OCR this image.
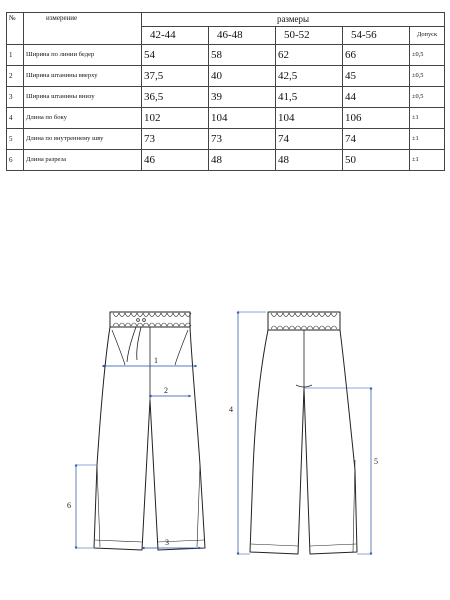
№	измерение	размеры				
		42-44	46-48	50-52	54-56	Допуск
1	Ширина по линии бедер	54	58	62	66	±0,5
2	Ширина штанины вверху	37,5	40	42,5	45	±0,5
3	Ширина штанины внизу	36,5	39	41,5	44	±0,5
4	Длина по боку	102	104	104	106	±1
5	Длина по внутреннему шву	73	73	74	74	±1
6	Длина разреза	46	48	48	50	±1
1
2
3
4
5
6
